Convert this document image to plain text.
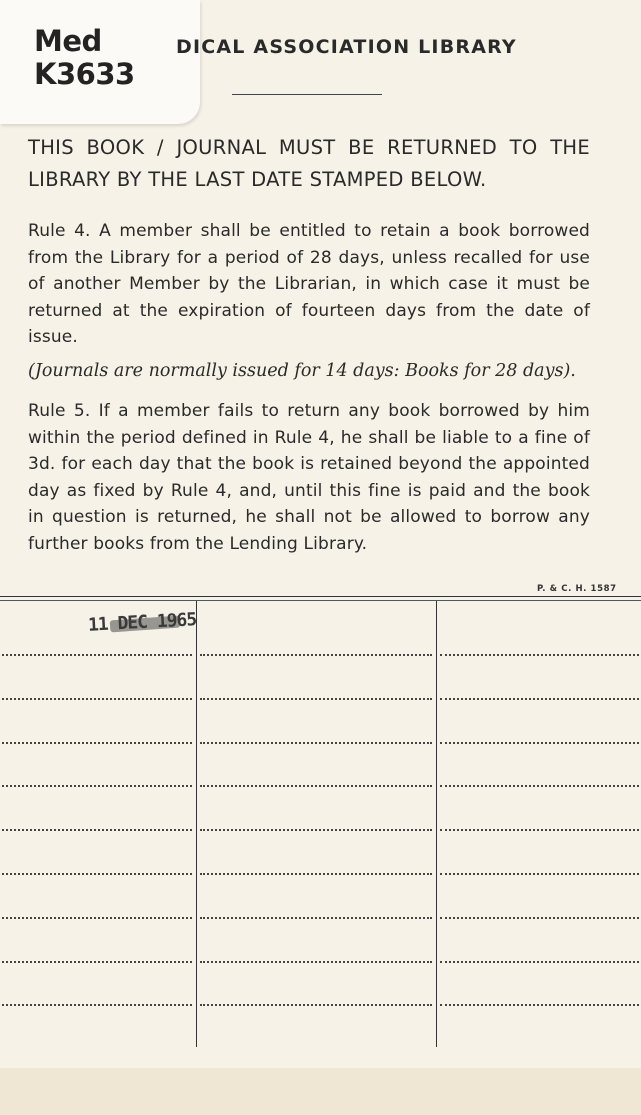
Med
K3633
DICAL ASSOCIATION LIBRARY
THIS BOOK / JOURNAL MUST BE RETURNED TO THE LIBRARY BY THE LAST DATE STAMPED BELOW.
Rule 4. A member shall be entitled to retain a book borrowed from the Library for a period of 28 days, unless recalled for use of another Member by the Librarian, in which case it must be returned at the expiration of fourteen days from the date of issue.
(Journals are normally issued for 14 days: Books for 28 days).
Rule 5. If a member fails to return any book borrowed by him within the period defined in Rule 4, he shall be liable to a fine of 3d. for each day that the book is retained beyond the appointed day as fixed by Rule 4, and, until this fine is paid and the book in question is returned, he shall not be allowed to borrow any further books from the Lending Library.
P. & C. H. 1587
11 DEC 1965
